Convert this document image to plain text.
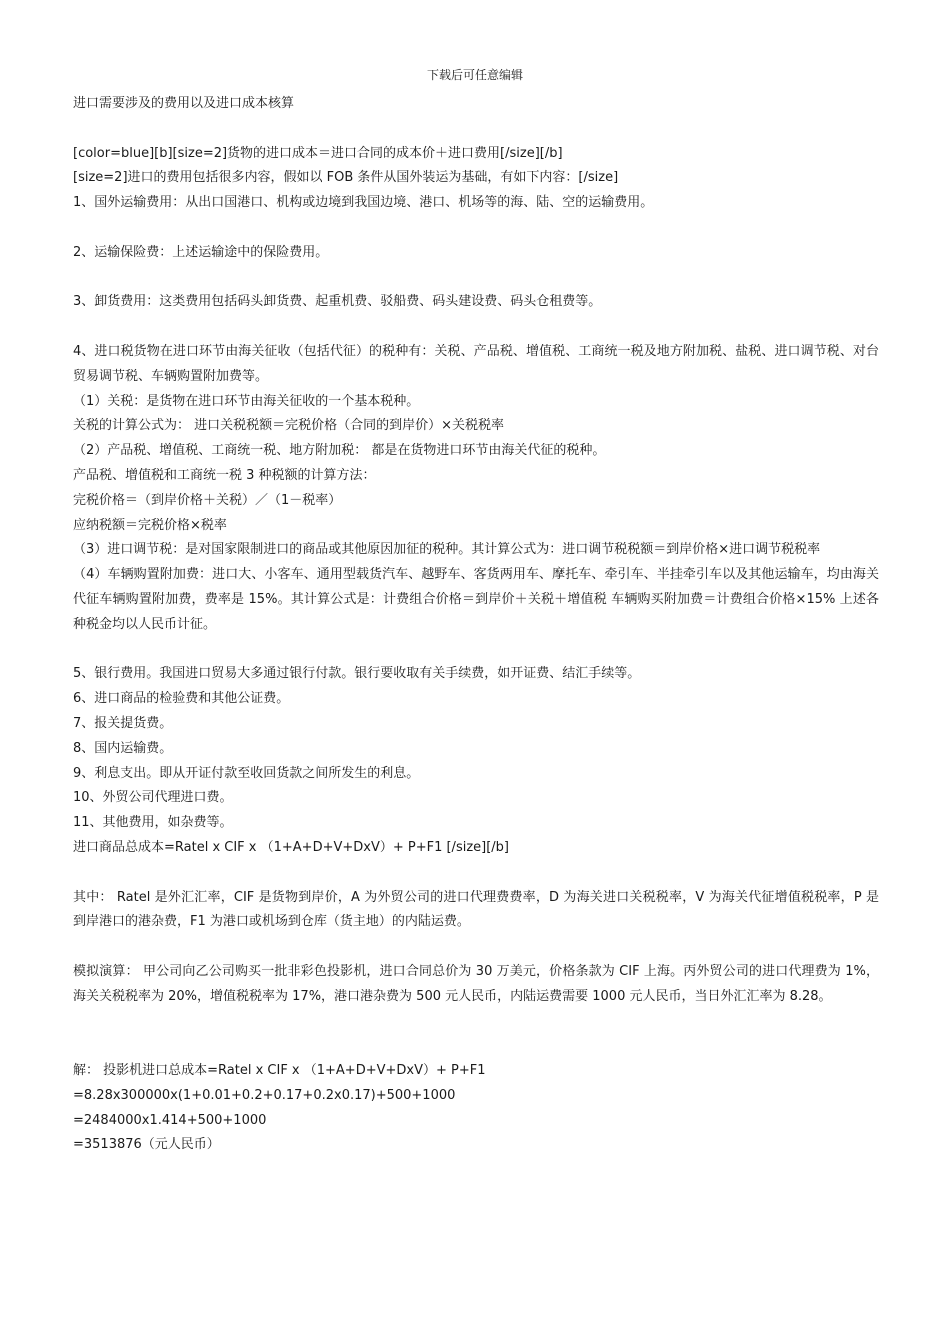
下载后可任意编辑
进口需要涉及的费用以及进口成本核算
[color=blue][b][size=2]货物的进口成本＝进口合同的成本价＋进口费用[/size][/b]
[size=2]进口的费用包括很多内容，假如以 FOB 条件从国外装运为基础，有如下内容：[/size]
1、国外运输费用：从出口国港口、机构或边境到我国边境、港口、机场等的海、陆、空的运输费用。
2、运输保险费：上述运输途中的保险费用。
3、卸货费用：这类费用包括码头卸货费、起重机费、驳船费、码头建设费、码头仓租费等。
4、进口税货物在进口环节由海关征收（包括代征）的税种有：关税、产品税、增值税、工商统一税及地方附加税、盐税、进口调节税、对台贸易调节税、车辆购置附加费等。
（1）关税：是货物在进口环节由海关征收的一个基本税种。
关税的计算公式为： 进口关税税额＝完税价格（合同的到岸价）×关税税率
（2）产品税、增值税、工商统一税、地方附加税： 都是在货物进口环节由海关代征的税种。
产品税、增值税和工商统一税 3 种税额的计算方法：
完税价格＝（到岸价格＋关税）／（1－税率）
应纳税额＝完税价格×税率
（3）进口调节税：是对国家限制进口的商品或其他原因加征的税种。其计算公式为：进口调节税税额＝到岸价格×进口调节税税率
（4）车辆购置附加费：进口大、小客车、通用型载货汽车、越野车、客货两用车、摩托车、牵引车、半挂牵引车以及其他运输车，均由海关代征车辆购置附加费，费率是 15%。其计算公式是：计费组合价格＝到岸价＋关税＋增值税 车辆购买附加费＝计费组合价格×15% 上述各种税金均以人民币计征。
5、银行费用。我国进口贸易大多通过银行付款。银行要收取有关手续费，如开证费、结汇手续等。
6、进口商品的检验费和其他公证费。
7、报关提货费。
8、国内运输费。
9、利息支出。即从开证付款至收回货款之间所发生的利息。
10、外贸公司代理进口费。
11、其他费用，如杂费等。
进口商品总成本=Ratel x CIF x （1+A+D+V+DxV）+ P+F1 [/size][/b]
其中： Ratel 是外汇汇率，CIF 是货物到岸价，A 为外贸公司的进口代理费费率，D 为海关进口关税税率，V 为海关代征增值税税率，P 是到岸港口的港杂费，F1 为港口或机场到仓库（货主地）的内陆运费。
模拟演算： 甲公司向乙公司购买一批非彩色投影机，进口合同总价为 30 万美元，价格条款为 CIF 上海。丙外贸公司的进口代理费为 1%，海关关税税率为 20%，增值税税率为 17%，港口港杂费为 500 元人民币，内陆运费需要 1000 元人民币，当日外汇汇率为 8.28。
解： 投影机进口总成本=Ratel x CIF x （1+A+D+V+DxV）+ P+F1
=8.28x300000x(1+0.01+0.2+0.17+0.2x0.17)+500+1000
=2484000x1.414+500+1000
=3513876（元人民币）
